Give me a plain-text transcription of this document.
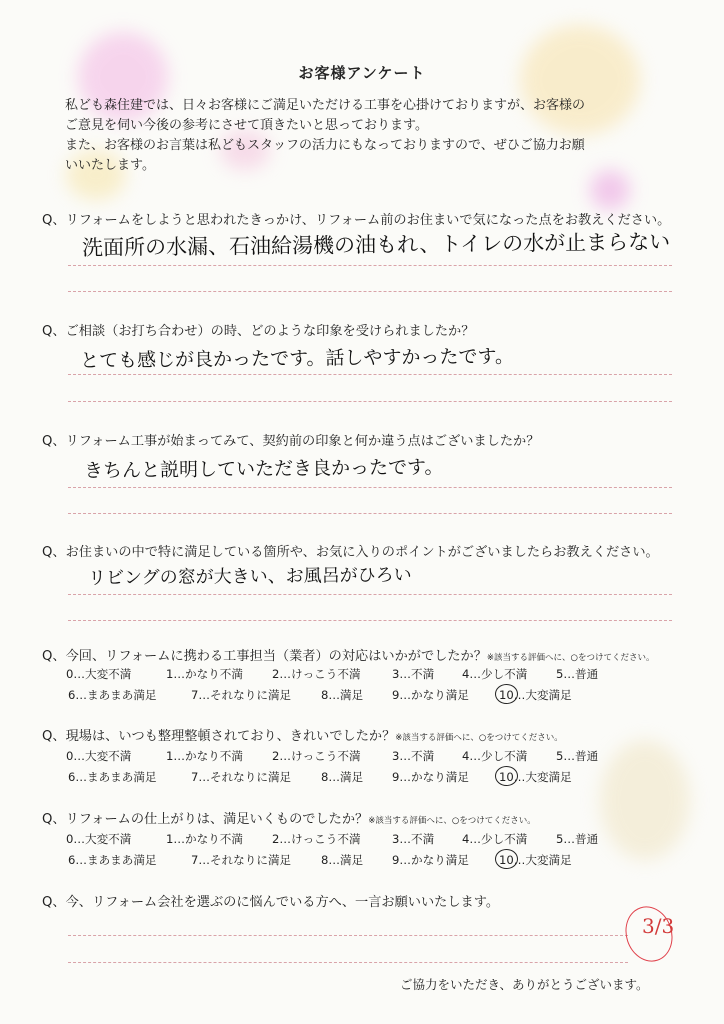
お客様アンケート
私ども森住建では、日々お客様にご満足いただける工事を心掛けておりますが、お客様の
ご意見を伺い今後の参考にさせて頂きたいと思っております。
また、お客様のお言葉は私どもスタッフの活力にもなっておりますので、ぜひご協力お願
いいたします。
Q、リフォームをしようと思われたきっかけ、リフォーム前のお住まいで気になった点をお教えください。
洗面所の水漏、石油給湯機の油もれ、トイレの水が止まらない
Q、ご相談（お打ち合わせ）の時、どのような印象を受けられましたか？
とても感じが良かったです。話しやすかったです。
Q、リフォーム工事が始まってみて、契約前の印象と何か違う点はございましたか？
きちんと説明していただき良かったです。
Q、お住まいの中で特に満足している箇所や、お気に入りのポイントがございましたらお教えください。
リビングの窓が大きい、お風呂がひろい
Q、今回、リフォームに携わる工事担当（業者）の対応はいかがでしたか？※該当する評価へに、○をつけてください。
0…大変不満	1…かなり不満	2…けっこう不満	3…不満 4…少し不満 5…普通
6…まあまあ満足	7…それなりに満足	8…満足 9…かなり満足	10…大変満足
Q、現場は、いつも整理整頓されており、きれいでしたか？※該当する評価へに、○をつけてください。
0…大変不満	1…かなり不満	2…けっこう不満	3…不満 4…少し不満 5…普通
6…まあまあ満足	7…それなりに満足	8…満足 9…かなり満足	10…大変満足
Q、リフォームの仕上がりは、満足いくものでしたか？※該当する評価へに、○をつけてください。
0…大変不満	1…かなり不満	2…けっこう不満	3…不満 4…少し不満 5…普通
6…まあまあ満足	7…それなりに満足	8…満足 9…かなり満足	10…大変満足
Q、今、リフォーム会社を選ぶのに悩んでいる方へ、一言お願いいたします。
3/3
ご協力をいただき、ありがとうございます。
